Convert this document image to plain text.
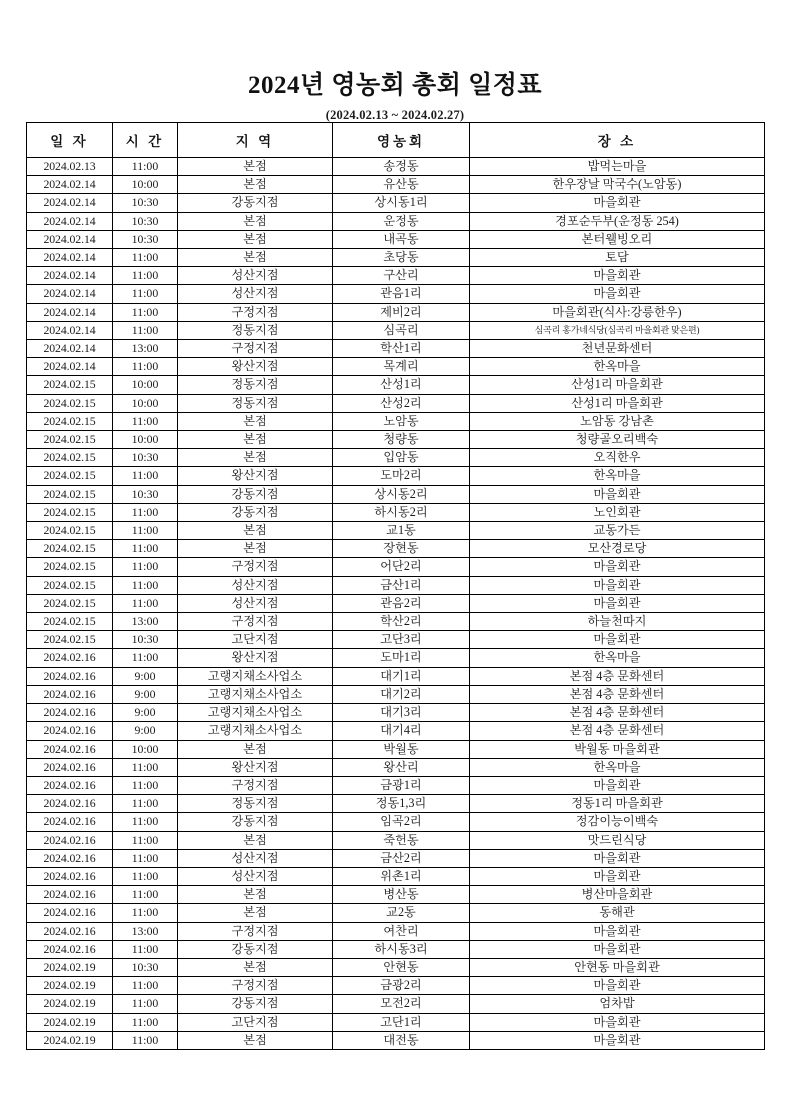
2024년 영농회 총회 일정표

(2024.02.13 ~ 2024.02.27)

일 자	시 간	지 역	영농회	장 소
2024.02.13	11:00	본점	송정동	밥먹는마을
2024.02.14	10:00	본점	유산동	한우장날 막국수(노암동)
2024.02.14	10:30	강동지점	상시동1리	마을회관
2024.02.14	10:30	본점	운정동	경포순두부(운정동 254)
2024.02.14	10:30	본점	내곡동	본터웰빙오리
2024.02.14	11:00	본점	초당동	토담
2024.02.14	11:00	성산지점	구산리	마을회관
2024.02.14	11:00	성산지점	관음1리	마을회관
2024.02.14	11:00	구정지점	제비2리	마을회관(식사:강릉한우)
2024.02.14	11:00	정동지점	심곡리	심곡리 홍가네식당(심곡리 마을회관 맞은편)
2024.02.14	13:00	구정지점	학산1리	천년문화센터
2024.02.14	11:00	왕산지점	목계리	한옥마을
2024.02.15	10:00	정동지점	산성1리	산성1리 마을회관
2024.02.15	10:00	정동지점	산성2리	산성1리 마을회관
2024.02.15	11:00	본점	노암동	노암동 강남촌
2024.02.15	10:00	본점	청량동	청량골오리백숙
2024.02.15	10:30	본점	입암동	오직한우
2024.02.15	11:00	왕산지점	도마2리	한옥마을
2024.02.15	10:30	강동지점	상시동2리	마을회관
2024.02.15	11:00	강동지점	하시동2리	노인회관
2024.02.15	11:00	본점	교1동	교동가든
2024.02.15	11:00	본점	장현동	모산경로당
2024.02.15	11:00	구정지점	어단2리	마을회관
2024.02.15	11:00	성산지점	금산1리	마을회관
2024.02.15	11:00	성산지점	관음2리	마을회관
2024.02.15	13:00	구정지점	학산2리	하늘천따지
2024.02.15	10:30	고단지점	고단3리	마을회관
2024.02.16	11:00	왕산지점	도마1리	한옥마을
2024.02.16	9:00	고랭지채소사업소	대기1리	본점 4층 문화센터
2024.02.16	9:00	고랭지채소사업소	대기2리	본점 4층 문화센터
2024.02.16	9:00	고랭지채소사업소	대기3리	본점 4층 문화센터
2024.02.16	9:00	고랭지채소사업소	대기4리	본점 4층 문화센터
2024.02.16	10:00	본점	박월동	박월동 마을회관
2024.02.16	11:00	왕산지점	왕산리	한옥마을
2024.02.16	11:00	구정지점	금광1리	마을회관
2024.02.16	11:00	정동지점	정동1,3리	정동1리 마을회관
2024.02.16	11:00	강동지점	임곡2리	정감이능이백숙
2024.02.16	11:00	본점	죽헌동	맛드린식당
2024.02.16	11:00	성산지점	금산2리	마을회관
2024.02.16	11:00	성산지점	위촌1리	마을회관
2024.02.16	11:00	본점	병산동	병산마을회관
2024.02.16	11:00	본점	교2동	동해관
2024.02.16	13:00	구정지점	여찬리	마을회관
2024.02.16	11:00	강동지점	하시동3리	마을회관
2024.02.19	10:30	본점	안현동	안현동 마을회관
2024.02.19	11:00	구정지점	금광2리	마을회관
2024.02.19	11:00	강동지점	모전2리	엄차밥
2024.02.19	11:00	고단지점	고단1리	마을회관
2024.02.19	11:00	본점	대전동	마을회관
